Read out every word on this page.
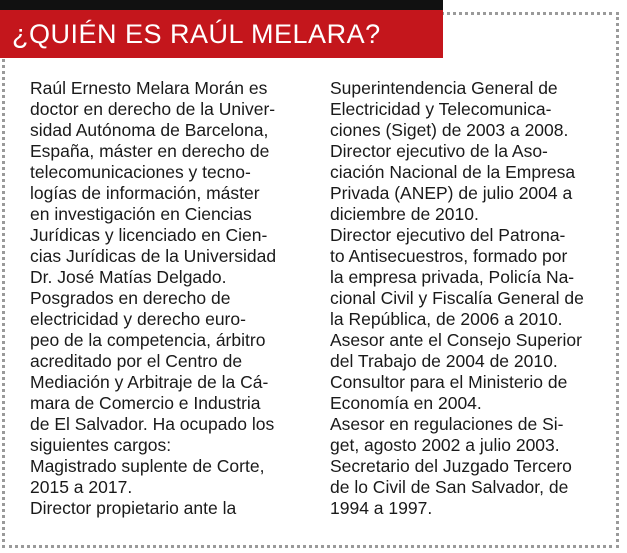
¿QUIÉN ES RAÚL MELARA?
Raúl Ernesto Melara Morán es
doctor en derecho de la Univer-
sidad Autónoma de Barcelona,
España, máster en derecho de
telecomunicaciones y tecno-
logías de información, máster
en investigación en Ciencias
Jurídicas y licenciado en Cien-
cias Jurídicas de la Universidad
Dr. José Matías Delgado.
Posgrados en derecho de
electricidad y derecho euro-
peo de la competencia, árbitro
acreditado por el Centro de
Mediación y Arbitraje de la Cá-
mara de Comercio e Industria
de El Salvador. Ha ocupado los
siguientes cargos:
Magistrado suplente de Corte,
2015 a 2017.
Director propietario ante la
Superintendencia General de
Electricidad y Telecomunica-
ciones (Siget) de 2003 a 2008.
Director ejecutivo de la Aso-
ciación Nacional de la Empresa
Privada (ANEP) de julio 2004 a
diciembre de 2010.
Director ejecutivo del Patrona-
to Antisecuestros, formado por
la empresa privada, Policía Na-
cional Civil y Fiscalía General de
la República, de 2006 a 2010.
Asesor ante el Consejo Superior
del Trabajo de 2004 de 2010.
Consultor para el Ministerio de
Economía en 2004.
Asesor en regulaciones de Si-
get, agosto 2002 a julio 2003.
Secretario del Juzgado Tercero
de lo Civil de San Salvador, de
1994 a 1997.
